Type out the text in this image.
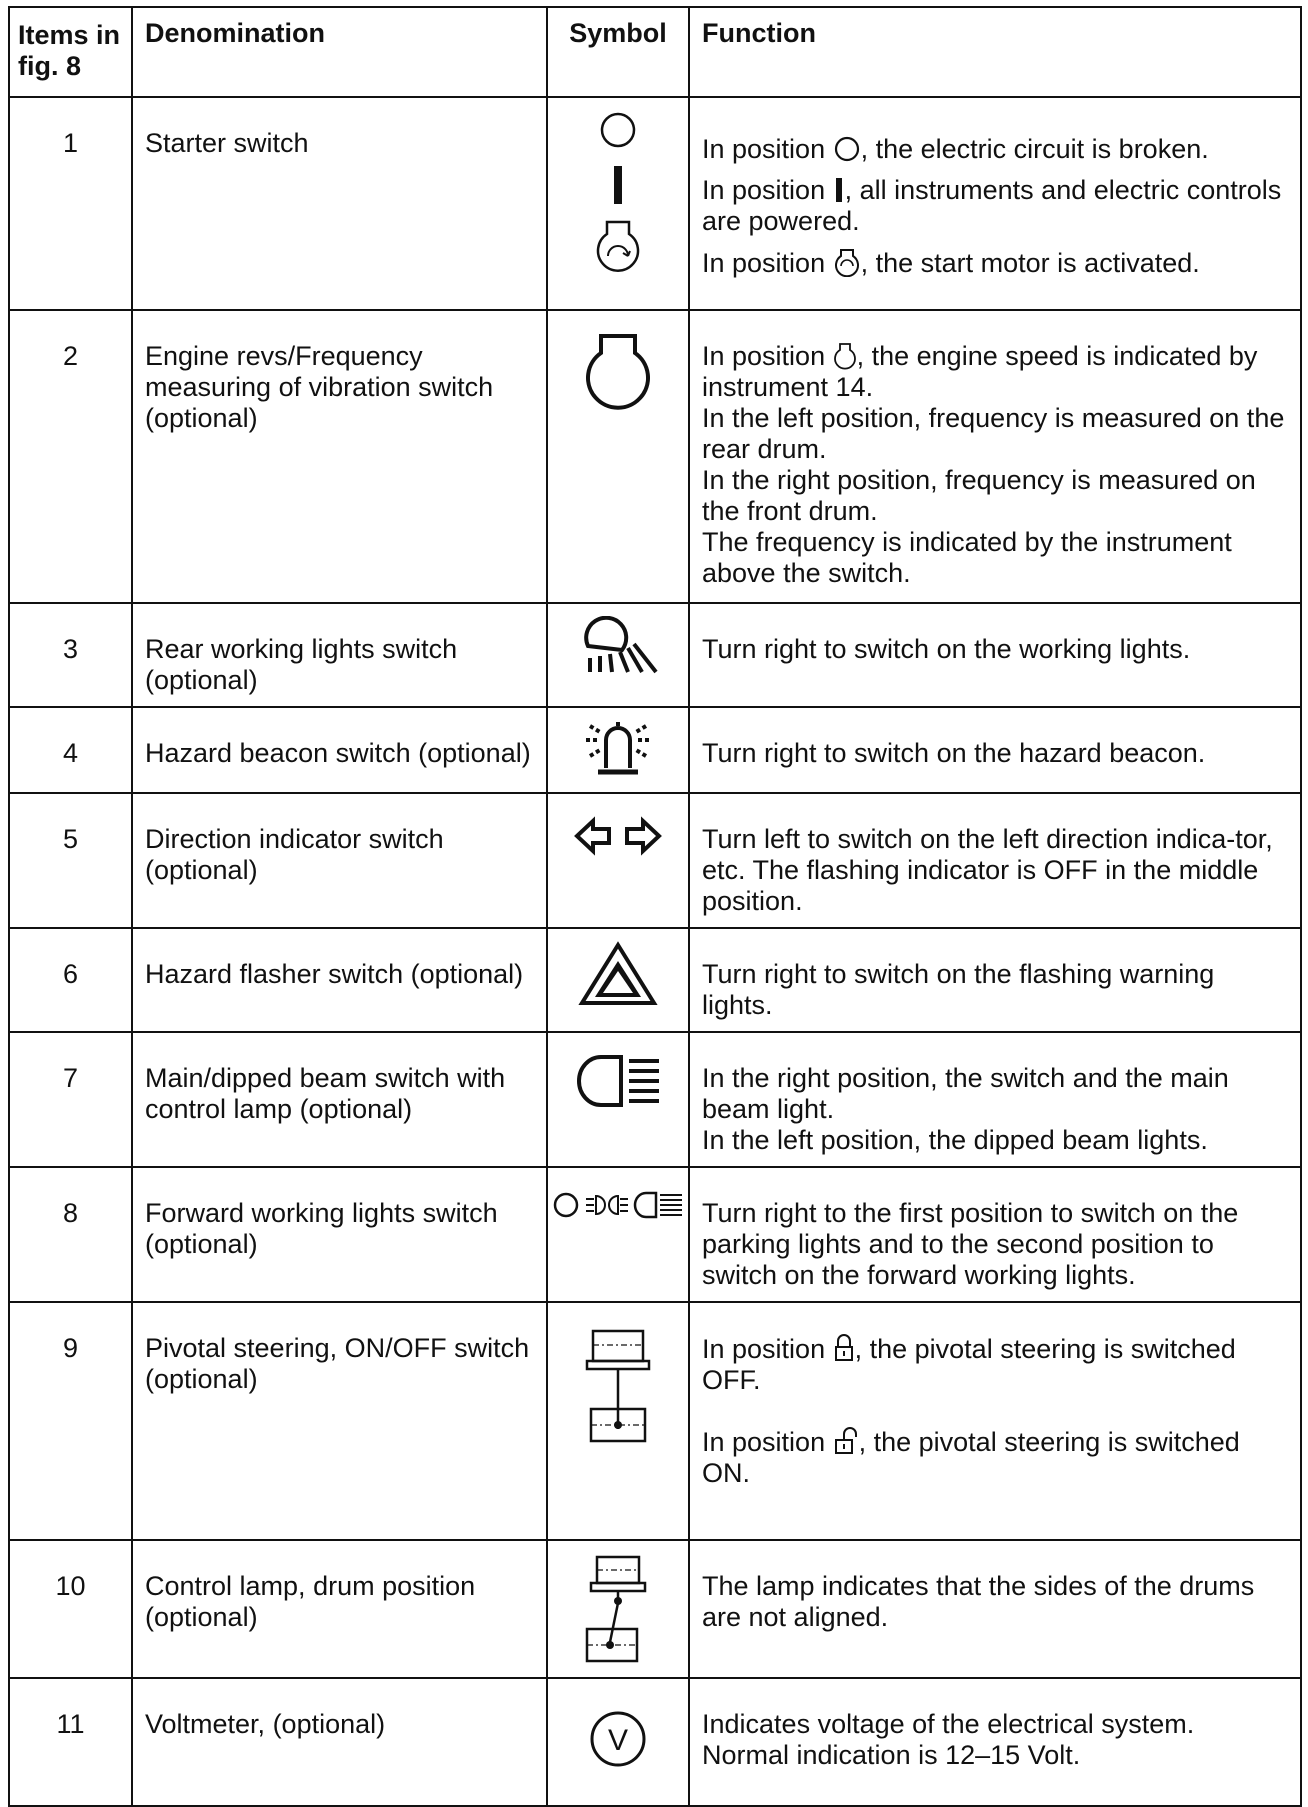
Items in fig. 8	Denomination	Symbol	Function
1	Starter switch		In position , the electric circuit is broken.

In position , all instruments and electric controls are powered.

In position , the start motor is activated.

2	Engine revs/Frequency measuring of vibration switch (optional)		In position , the engine speed is indicated by instrument 14.

In the left position, frequency is measured on the rear drum.

In the right position, frequency is measured on the front drum.

The frequency is indicated by the instrument above the switch.

3	Rear working lights switch (optional)		Turn right to switch on the working lights.
4	Hazard beacon switch (optional)		Turn right to switch on the hazard beacon.
5	Direction indicator switch (optional)		Turn left to switch on the left direction indica-tor, etc. The flashing indicator is OFF in the middle position.
6	Hazard flasher switch (optional)		Turn right to switch on the flashing warning lights.
7	Main/dipped beam switch with control lamp (optional)		In the right position, the switch and the main beam light.

In the left position, the dipped beam lights.

8	Forward working lights switch (optional)		Turn right to the first position to switch on the parking lights and to the second position to switch on the forward working lights.
9	Pivotal steering, ON/OFF switch (optional)		In position , the pivotal steering is switched OFF.

In position , the pivotal steering is switched ON.

10	Control lamp, drum position (optional)		The lamp indicates that the sides of the drums are not aligned.
11	Voltmeter, (optional)	V	Indicates voltage of the electrical system.

Normal indication is 12–15 Volt.
